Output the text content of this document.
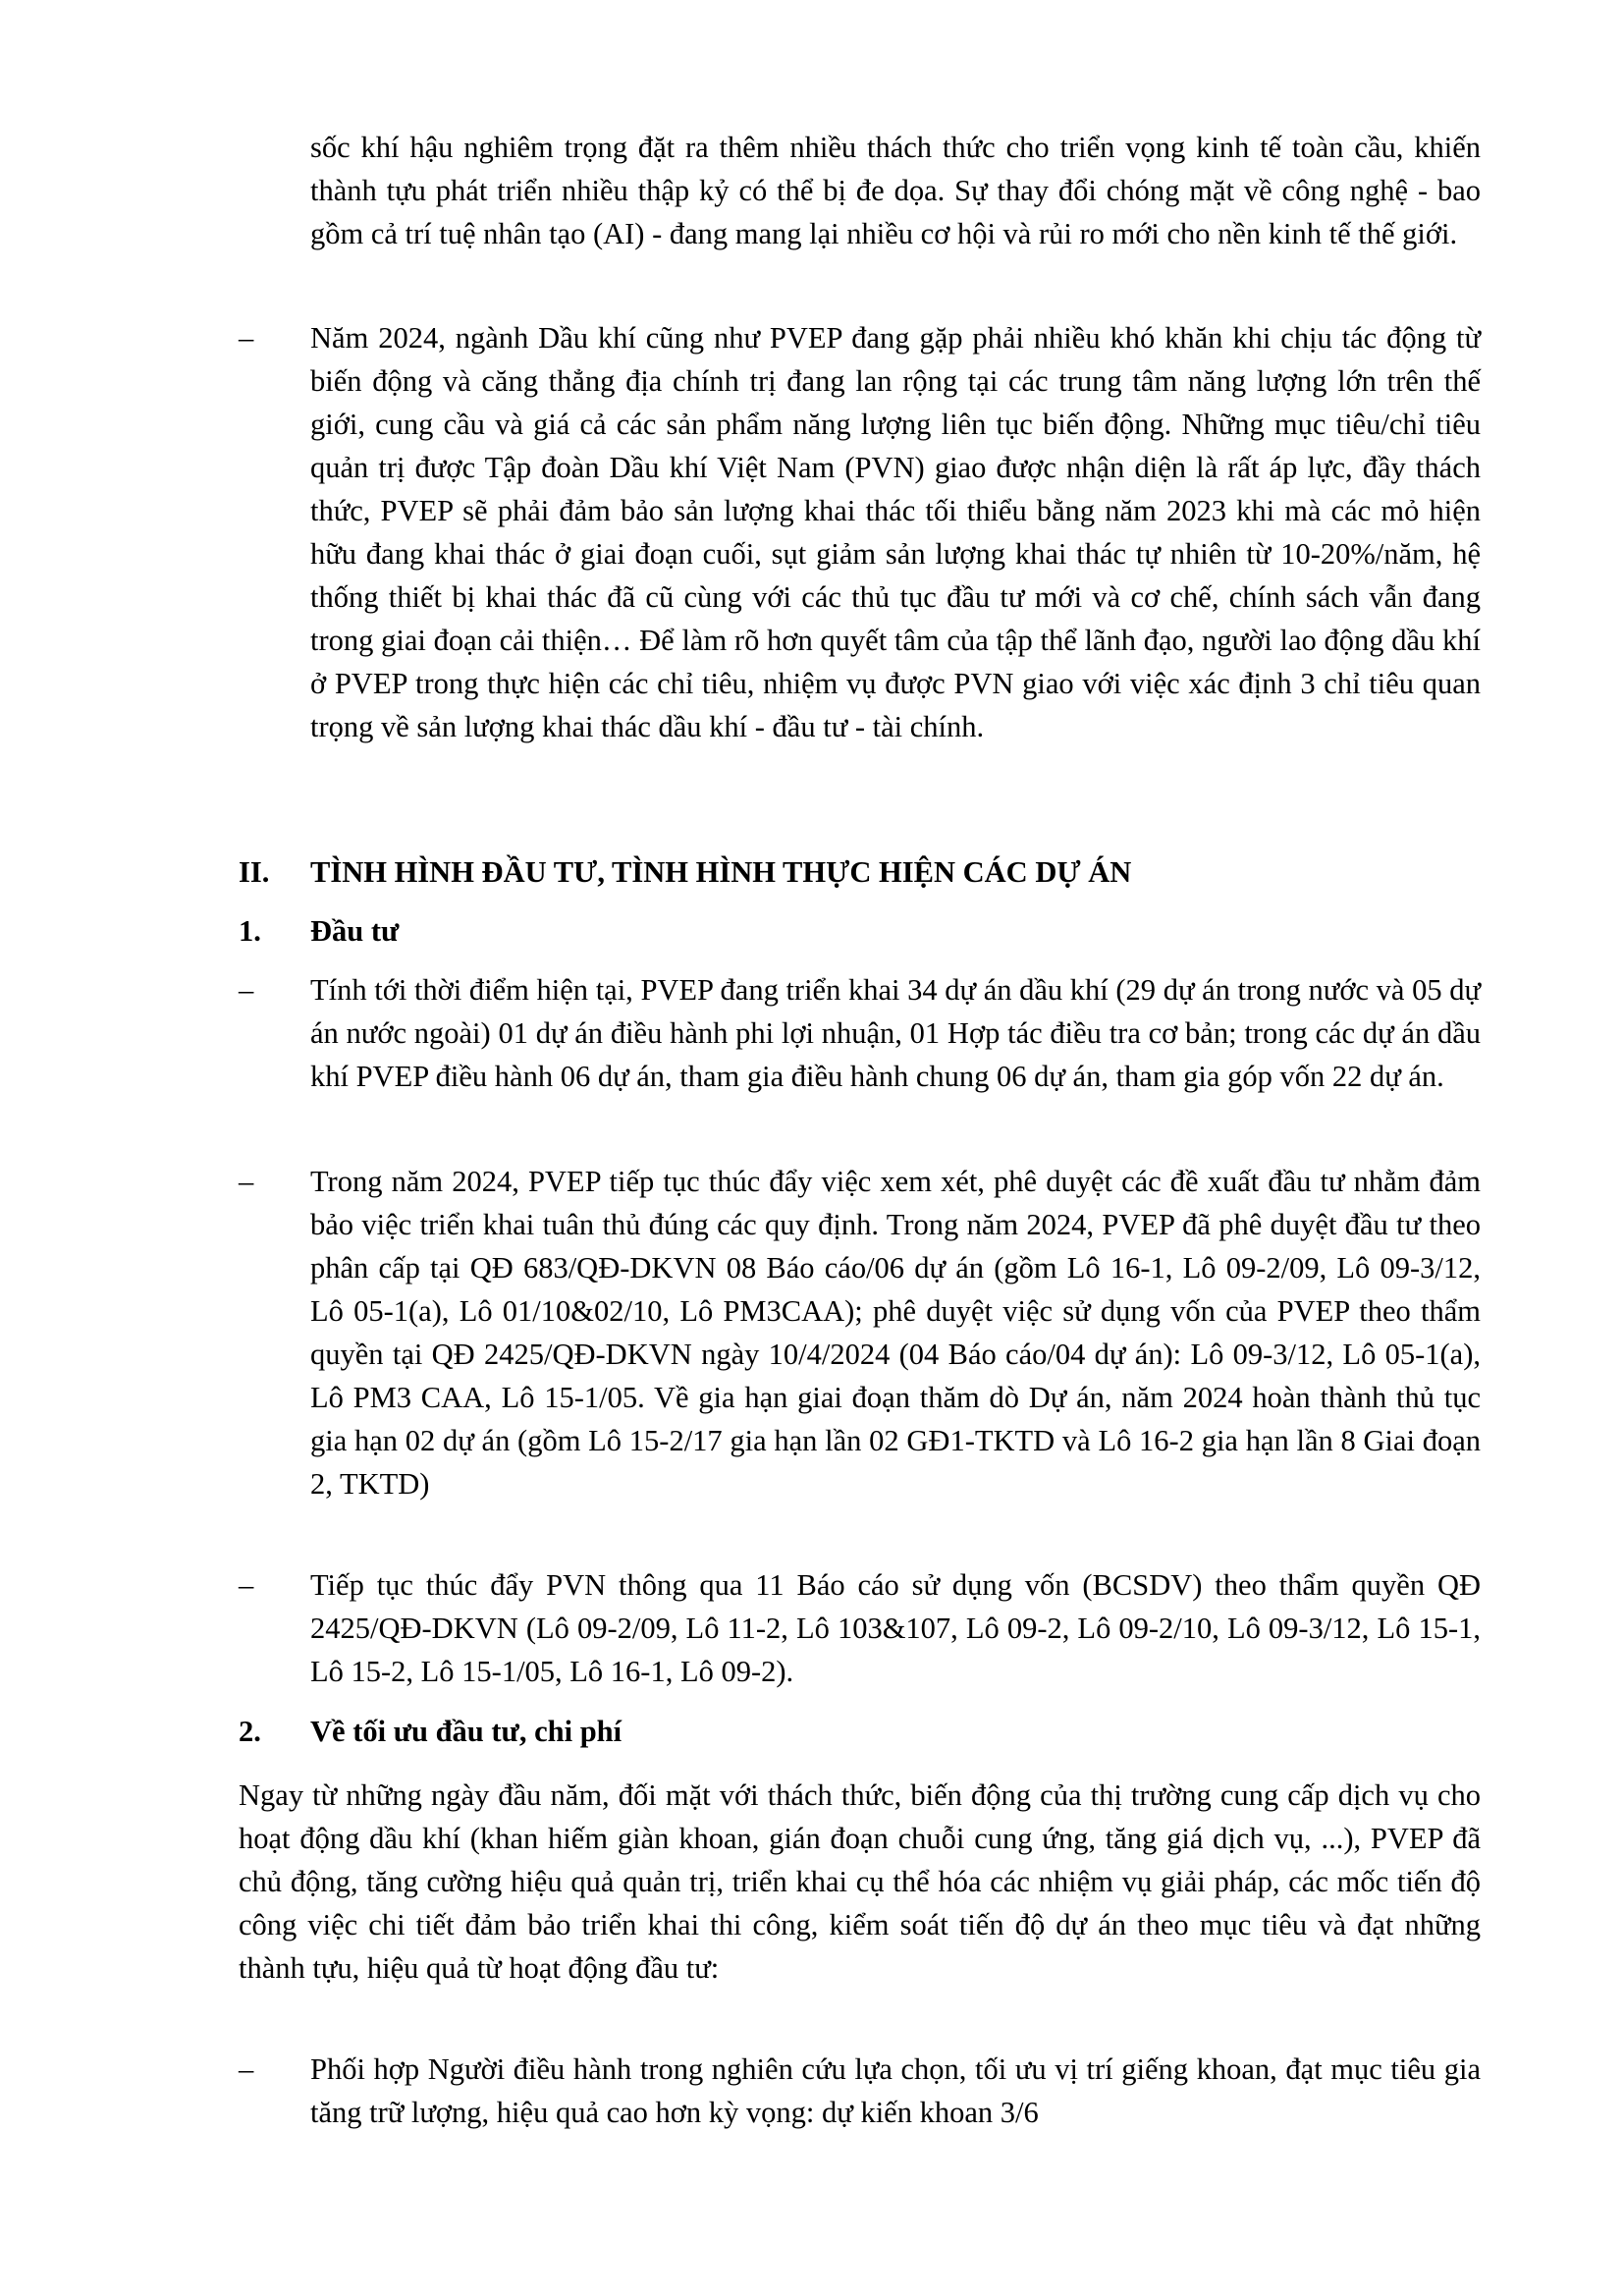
sốc khí hậu nghiêm trọng đặt ra thêm nhiều thách thức cho triển vọng kinh tế toàn cầu, khiến thành tựu phát triển nhiều thập kỷ có thể bị đe dọa. Sự thay đổi chóng mặt về công nghệ - bao gồm cả trí tuệ nhân tạo (AI) - đang mang lại nhiều cơ hội và rủi ro mới cho nền kinh tế thế giới.

– Năm 2024, ngành Dầu khí cũng như PVEP đang gặp phải nhiều khó khăn khi chịu tác động từ biến động và căng thẳng địa chính trị đang lan rộng tại các trung tâm năng lượng lớn trên thế giới, cung cầu và giá cả các sản phẩm năng lượng liên tục biến động. Những mục tiêu/chỉ tiêu quản trị được Tập đoàn Dầu khí Việt Nam (PVN) giao được nhận diện là rất áp lực, đầy thách thức, PVEP sẽ phải đảm bảo sản lượng khai thác tối thiểu bằng năm 2023 khi mà các mỏ hiện hữu đang khai thác ở giai đoạn cuối, sụt giảm sản lượng khai thác tự nhiên từ 10-20%/năm, hệ thống thiết bị khai thác đã cũ cùng với các thủ tục đầu tư mới và cơ chế, chính sách vẫn đang trong giai đoạn cải thiện… Để làm rõ hơn quyết tâm của tập thể lãnh đạo, người lao động dầu khí ở PVEP trong thực hiện các chỉ tiêu, nhiệm vụ được PVN giao với việc xác định 3 chỉ tiêu quan trọng về sản lượng khai thác dầu khí - đầu tư - tài chính.

II. TÌNH HÌNH ĐẦU TƯ, TÌNH HÌNH THỰC HIỆN CÁC DỰ ÁN
1. Đầu tư
– Tính tới thời điểm hiện tại, PVEP đang triển khai 34 dự án dầu khí (29 dự án trong nước và 05 dự án nước ngoài) 01 dự án điều hành phi lợi nhuận, 01 Hợp tác điều tra cơ bản; trong các dự án dầu khí PVEP điều hành 06 dự án, tham gia điều hành chung 06 dự án, tham gia góp vốn 22 dự án.

– Trong năm 2024, PVEP tiếp tục thúc đẩy việc xem xét, phê duyệt các đề xuất đầu tư nhằm đảm bảo việc triển khai tuân thủ đúng các quy định. Trong năm 2024, PVEP đã phê duyệt đầu tư theo phân cấp tại QĐ 683/QĐ-DKVN 08 Báo cáo/06 dự án (gồm Lô 16-1, Lô 09-2/09, Lô 09-3/12, Lô 05-1(a), Lô 01/10&02/10, Lô PM3CAA); phê duyệt việc sử dụng vốn của PVEP theo thẩm quyền tại QĐ 2425/QĐ-DKVN ngày 10/4/2024 (04 Báo cáo/04 dự án): Lô 09-3/12, Lô 05-1(a), Lô PM3 CAA, Lô 15-1/05. Về gia hạn giai đoạn thăm dò Dự án, năm 2024 hoàn thành thủ tục gia hạn 02 dự án (gồm Lô 15-2/17 gia hạn lần 02 GĐ1-TKTD và Lô 16-2 gia hạn lần 8 Giai đoạn 2, TKTD)

– Tiếp tục thúc đẩy PVN thông qua 11 Báo cáo sử dụng vốn (BCSDV) theo thẩm quyền QĐ 2425/QĐ-DKVN (Lô 09-2/09, Lô 11-2, Lô 103&107, Lô 09-2, Lô 09-2/10, Lô 09-3/12, Lô 15-1, Lô 15-2, Lô 15-1/05, Lô 16-1, Lô 09-2).

2. Về tối ưu đầu tư, chi phí

Ngay từ những ngày đầu năm, đối mặt với thách thức, biến động của thị trường cung cấp dịch vụ cho hoạt động dầu khí (khan hiếm giàn khoan, gián đoạn chuỗi cung ứng, tăng giá dịch vụ, ...), PVEP đã chủ động, tăng cường hiệu quả quản trị, triển khai cụ thể hóa các nhiệm vụ giải pháp, các mốc tiến độ công việc chi tiết đảm bảo triển khai thi công, kiểm soát tiến độ dự án theo mục tiêu và đạt những thành tựu, hiệu quả từ hoạt động đầu tư:

– Phối hợp Người điều hành trong nghiên cứu lựa chọn, tối ưu vị trí giếng khoan, đạt mục tiêu gia tăng trữ lượng, hiệu quả cao hơn kỳ vọng: dự kiến khoan 3/6
